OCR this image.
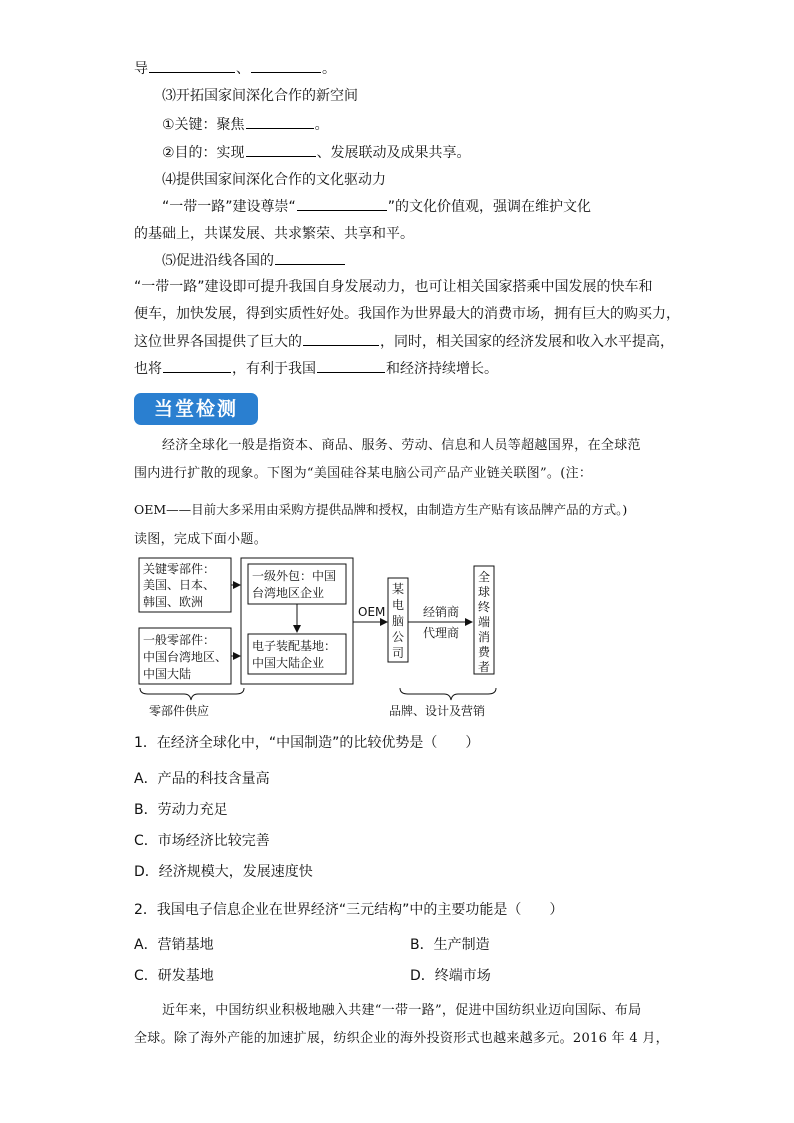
导	、	。
⑶开拓国家间深化合作的新空间
①关键：聚焦	。
②目的：实现	、发展联动及成果共享。
⑷提供国家间深化合作的文化驱动力
“一带一路”建设尊崇“	”的文化价值观，强调在维护文化
的基础上，共谋发展、共求繁荣、共享和平。
⑸促进沿线各国的
“一带一路”建设即可提升我国自身发展动力，也可让相关国家搭乘中国发展的快车和
便车，加快发展，得到实质性好处。我国作为世界最大的消费市场，拥有巨大的购买力，
这位世界各国提供了巨大的	，同时，相关国家的经济发展和收入水平提高，
也将	，有利于我国	和经济持续增长。
当堂检测
经济全球化一般是指资本、商品、服务、劳动、信息和人员等超越国界，在全球范
围内进行扩散的现象。下图为“美国硅谷某电脑公司产品产业链关联图”。(注：
OEM——目前大多采用由采购方提供品牌和授权，由制造方生产贴有该品牌产品的方式。)
读图，完成下面小题。
关键零部件：
美国、日本、
韩国、欧洲
一般零部件：
中国台湾地区、
中国大陆
一级外包：中国
台湾地区企业
电子装配基地：
中国大陆企业
OEM
某
电
脑
公
司
经销商
代理商
全
球
终
端
消
费
者
零部件供应	品牌、设计及营销
1．在经济全球化中，“中国制造”的比较优势是（　　）
A．产品的科技含量高
B．劳动力充足
C．市场经济比较完善
D．经济规模大，发展速度快
2．我国电子信息企业在世界经济“三元结构”中的主要功能是（　　）
A．营销基地	B．生产制造
C．研发基地	D．终端市场
近年来，中国纺织业积极地融入共建“一带一路”，促进中国纺织业迈向国际、布局
全球。除了海外产能的加速扩展，纺织企业的海外投资形式也越来越多元。2016 年 4 月，
